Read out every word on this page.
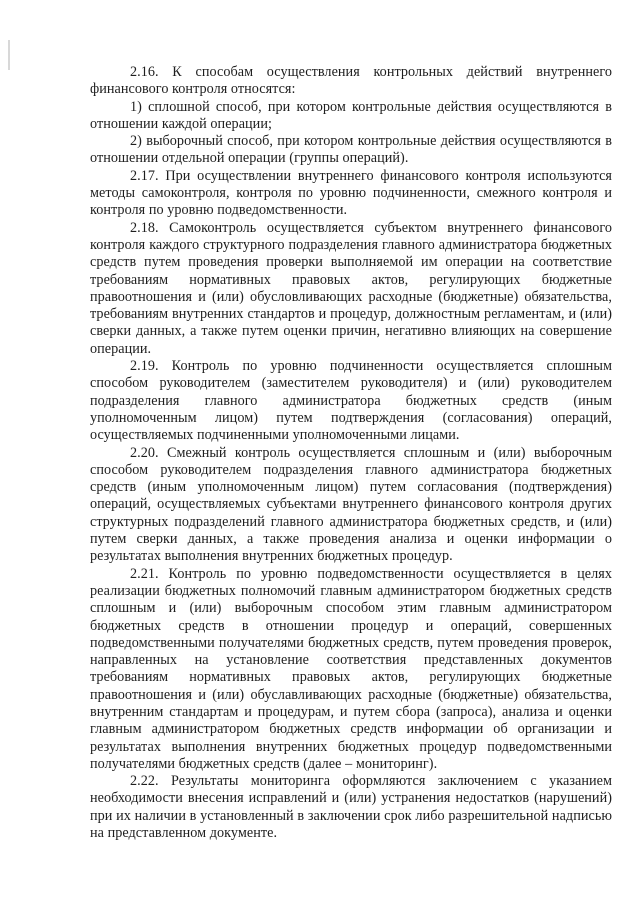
2.16. К способам осуществления контрольных действий внутреннего финансового контроля относятся:

1) сплошной способ, при котором контрольные действия осуществляются в отношении каждой операции;

2) выборочный способ, при котором контрольные действия осуществляются в отношении отдельной операции (группы операций).

2.17. При осуществлении внутреннего финансового контроля используются методы самоконтроля, контроля по уровню подчиненности, смежного контроля и контроля по уровню подведомственности.

2.18. Самоконтроль осуществляется субъектом внутреннего финансового контроля каждого структурного подразделения главного администратора бюджетных средств путем проведения проверки выполняемой им операции на соответствие требованиям нормативных правовых актов, регулирующих бюджетные правоотношения и (или) обусловливающих расходные (бюджетные) обязательства, требованиям внутренних стандартов и процедур, должностным регламентам, и (или) сверки данных, а также путем оценки причин, негативно влияющих на совершение операции.

2.19. Контроль по уровню подчиненности осуществляется сплошным способом руководителем (заместителем руководителя) и (или) руководителем подразделения главного администратора бюджетных средств (иным уполномоченным лицом) путем подтверждения (согласования) операций, осуществляемых подчиненными уполномоченными лицами.

2.20. Смежный контроль осуществляется сплошным и (или) выборочным способом руководителем подразделения главного администратора бюджетных средств (иным уполномоченным лицом) путем согласования (подтверждения) операций, осуществляемых субъектами внутреннего финансового контроля других структурных подразделений главного администратора бюджетных средств, и (или) путем сверки данных, а также проведения анализа и оценки информации о результатах выполнения внутренних бюджетных процедур.

2.21. Контроль по уровню подведомственности осуществляется в целях реализации бюджетных полномочий главным администратором бюджетных средств сплошным и (или) выборочным способом этим главным администратором бюджетных средств в отношении процедур и операций, совершенных подведомственными получателями бюджетных средств, путем проведения проверок, направленных на установление соответствия представленных документов требованиям нормативных правовых актов, регулирующих бюджетные правоотношения и (или) обуславливающих расходные (бюджетные) обязательства, внутренним стандартам и процедурам, и путем сбора (запроса), анализа и оценки главным администратором бюджетных средств информации об организации и результатах выполнения внутренних бюджетных процедур подведомственными получателями бюджетных средств (далее – мониторинг).

2.22. Результаты мониторинга оформляются заключением с указанием необходимости внесения исправлений и (или) устранения недостатков (нарушений) при их наличии в установленный в заключении срок либо разрешительной надписью на представленном документе.
